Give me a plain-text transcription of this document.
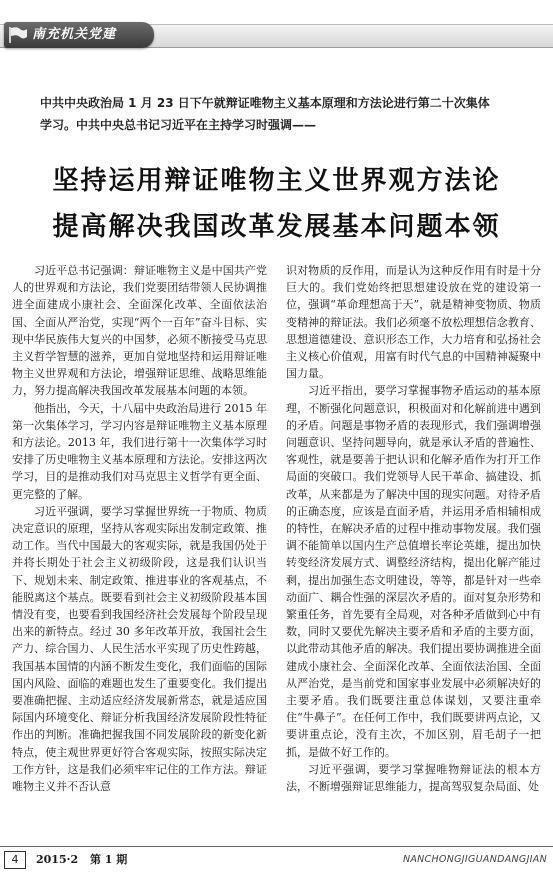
南充机关党建
中共中央政治局 1 月 23 日下午就辩证唯物主义基本原理和方法论进行第二十次集体学习。中共中央总书记习近平在主持学习时强调——
坚持运用辩证唯物主义世界观方法论
提高解决我国改革发展基本问题本领

习近平总书记强调：辩证唯物主义是中国共产党人的世界观和方法论，我们党要团结带领人民协调推进全面建成小康社会、全面深化改革、全面依法治国、全面从严治党，实现“两个一百年”奋斗目标、实现中华民族伟大复兴的中国梦，必须不断接受马克思主义哲学智慧的滋养，更加自觉地坚持和运用辩证唯物主义世界观和方法论，增强辩证思维、战略思维能力，努力提高解决我国改革发展基本问题的本领。

他指出，今天，十八届中央政治局进行 2015 年第一次集体学习，学习内容是辩证唯物主义基本原理和方法论。2013 年，我们进行第十一次集体学习时安排了历史唯物主义基本原理和方法论。安排这两次学习，目的是推动我们对马克思主义哲学有更全面、更完整的了解。

习近平强调，要学习掌握世界统一于物质、物质决定意识的原理，坚持从客观实际出发制定政策、推动工作。当代中国最大的客观实际，就是我国仍处于并将长期处于社会主义初级阶段，这是我们认识当下、规划未来、制定政策、推进事业的客观基点，不能脱离这个基点。既要看到社会主义初级阶段基本国情没有变，也要看到我国经济社会发展每个阶段呈现出来的新特点。经过 30 多年改革开放，我国社会生产力、综合国力、人民生活水平实现了历史性跨越，我国基本国情的内涵不断发生变化，我们面临的国际国内风险、面临的难题也发生了重要变化。我们提出要准确把握、主动适应经济发展新常态，就是适应国际国内环境变化、辩证分析我国经济发展阶段性特征作出的判断。准确把握我国不同发展阶段的新变化新特点，使主观世界更好符合客观实际，按照实际决定工作方针，这是我们必须牢牢记住的工作方法。辩证唯物主义并不否认意

识对物质的反作用，而是认为这种反作用有时是十分巨大的。我们党始终把思想建设放在党的建设第一位，强调“革命理想高于天”，就是精神变物质、物质变精神的辩证法。我们必须毫不放松理想信念教育、思想道德建设、意识形态工作，大力培育和弘扬社会主义核心价值观，用富有时代气息的中国精神凝聚中国力量。

习近平指出，要学习掌握事物矛盾运动的基本原理，不断强化问题意识，积极面对和化解前进中遇到的矛盾。问题是事物矛盾的表现形式，我们强调增强问题意识、坚持问题导向，就是承认矛盾的普遍性、客观性，就是要善于把认识和化解矛盾作为打开工作局面的突破口。我们党领导人民干革命、搞建设、抓改革，从来都是为了解决中国的现实问题。对待矛盾的正确态度，应该是直面矛盾，并运用矛盾相辅相成的特性，在解决矛盾的过程中推动事物发展。我们强调不能简单以国内生产总值增长率论英雄，提出加快转变经济发展方式、调整经济结构，提出化解产能过剩，提出加强生态文明建设，等等，都是针对一些牵动面广、耦合性强的深层次矛盾的。面对复杂形势和繁重任务，首先要有全局观，对各种矛盾做到心中有数，同时又要优先解决主要矛盾和矛盾的主要方面，以此带动其他矛盾的解决。我们提出要协调推进全面建成小康社会、全面深化改革、全面依法治国、全面从严治党，是当前党和国家事业发展中必须解决好的主要矛盾。我们既要注重总体谋划，又要注重牵住“牛鼻子”。在任何工作中，我们既要讲两点论，又要讲重点论，没有主次，不加区别，眉毛胡子一把抓，是做不好工作的。

习近平强调，要学习掌握唯物辩证法的根本方法，不断增强辩证思维能力，提高驾驭复杂局面、处

4	2015·2 第 1 期	NANCHONGJIGUANDANGJIAN
